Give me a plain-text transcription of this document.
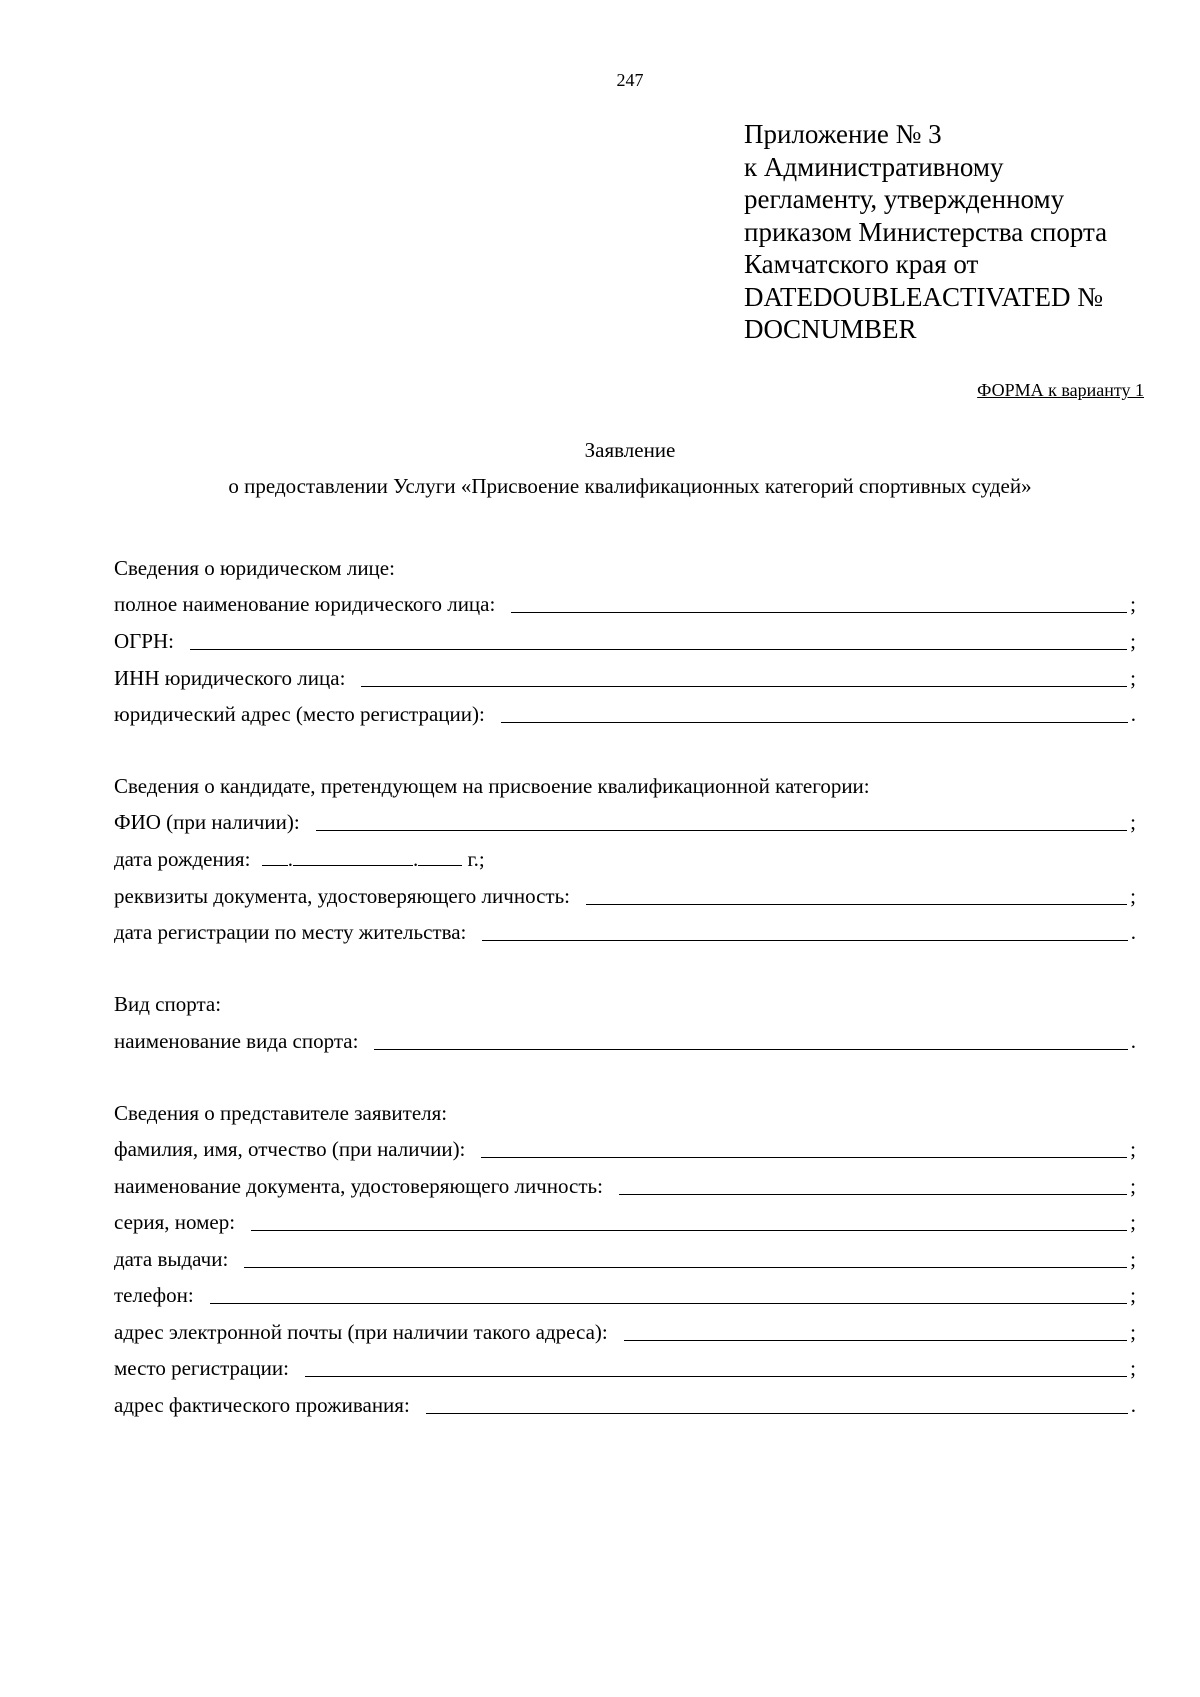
247
Приложение № 3
к Административному
регламенту, утвержденному
приказом Министерства спорта
Камчатского края от
DATEDOUBLEACTIVATED №
DOCNUMBER
ФОРМА к варианту 1
Заявление
о предоставлении Услуги «Присвоение квалификационных категорий спортивных судей»
Сведения о юридическом лице:
полное наименование юридического лица:	;
ОГРН:	;
ИНН юридического лица:	;
юридический адрес (место регистрации):	.
Сведения о кандидате, претендующем на присвоение квалификационной категории:
ФИО (при наличии):	;
дата рождения: .	. г.;
реквизиты документа, удостоверяющего личность:	;
дата регистрации по месту жительства:	.
Вид спорта:
наименование вида спорта:	.
Сведения о представителе заявителя:
фамилия, имя, отчество (при наличии):	;
наименование документа, удостоверяющего личность:	;
серия, номер:	;
дата выдачи:	;
телефон:	;
адрес электронной почты (при наличии такого адреса):	;
место регистрации:	;
адрес фактического проживания:	.
